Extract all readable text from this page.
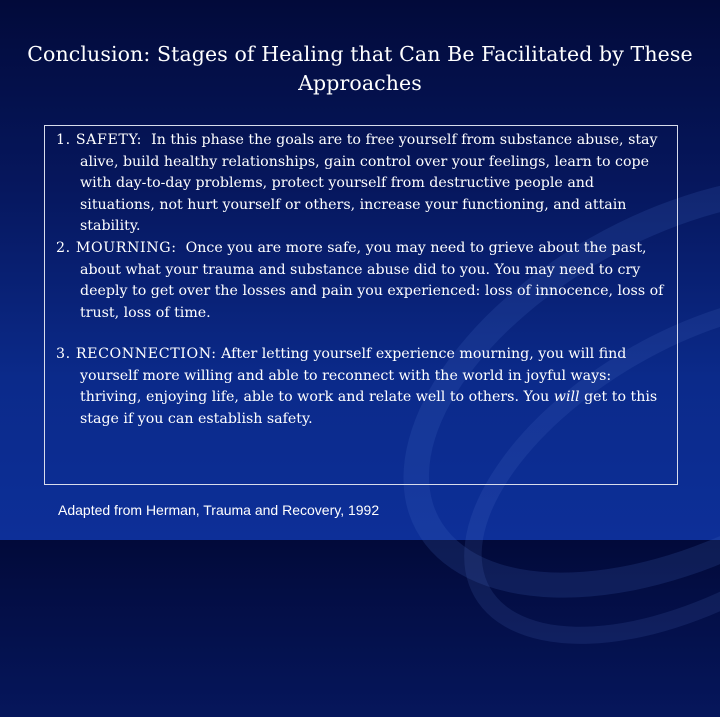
Conclusion: Stages of Healing that Can Be Facilitated by These
Approaches

1. SAFETY: In this phase the goals are to free yourself from substance abuse, stay alive, build healthy relationships, gain control over your feelings, learn to cope with day-to-day problems, protect yourself from destructive people and situations, not hurt yourself or others, increase your functioning, and attain stability.

2. MOURNING: Once you are more safe, you may need to grieve about the past, about what your trauma and substance abuse did to you. You may need to cry deeply to get over the losses and pain you experienced: loss of innocence, loss of trust, loss of time.

3. RECONNECTION: After letting yourself experience mourning, you will find yourself more willing and able to reconnect with the world in joyful ways: thriving, enjoying life, able to work and relate well to others. You will get to this stage if you can establish safety.

Adapted from Herman, Trauma and Recovery, 1992
